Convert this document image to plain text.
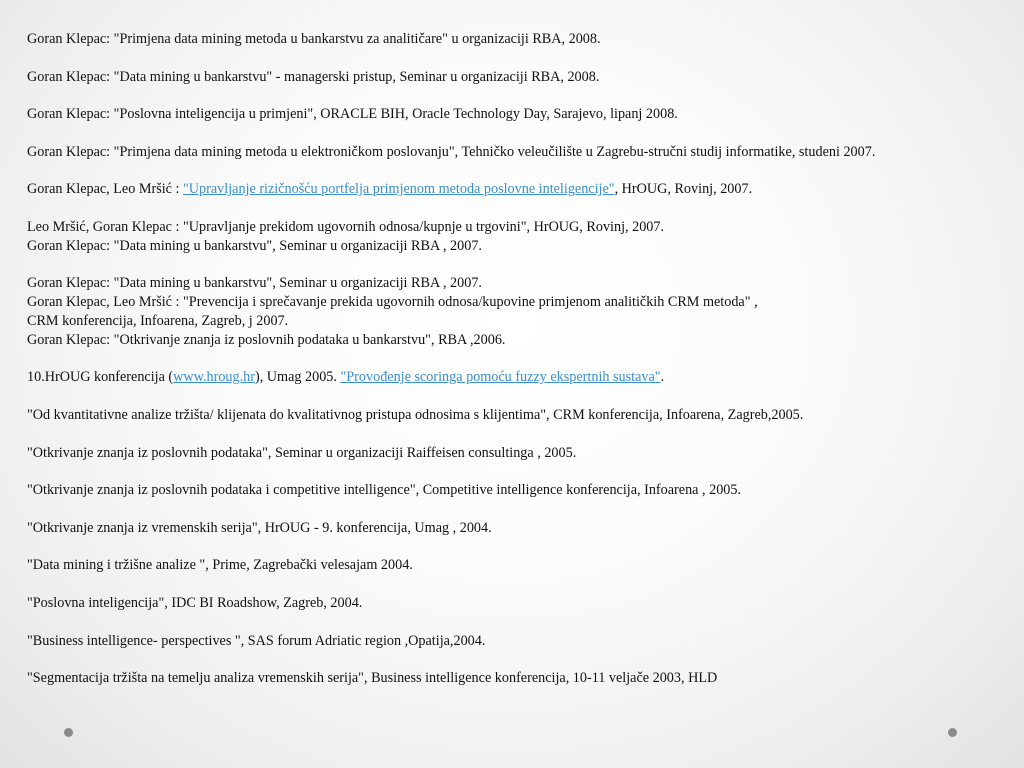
Goran Klepac: "Primjena data mining metoda u bankarstvu za analitičare" u organizaciji RBA, 2008.
Goran Klepac: "Data mining u bankarstvu" - managerski pristup, Seminar u organizaciji RBA, 2008.
Goran Klepac: "Poslovna inteligencija u primjeni", ORACLE BIH, Oracle Technology Day, Sarajevo, lipanj 2008.
Goran Klepac: "Primjena data mining metoda u elektroničkom poslovanju", Tehničko veleučilište u Zagrebu-stručni studij informatike, studeni 2007.
Goran Klepac, Leo Mršić : "Upravljanje rizičnošću portfelja primjenom metoda poslovne inteligencije", HrOUG, Rovinj, 2007.
Leo Mršić, Goran Klepac : "Upravljanje prekidom ugovornih odnosa/kupnje u trgovini", HrOUG, Rovinj, 2007.
Goran Klepac: "Data mining u bankarstvu", Seminar u organizaciji RBA , 2007.
Goran Klepac: "Data mining u bankarstvu", Seminar u organizaciji RBA , 2007.
Goran Klepac, Leo Mršić : "Prevencija i sprečavanje prekida ugovornih odnosa/kupovine primjenom analitičkih CRM metoda" ,
CRM konferencija, Infoarena, Zagreb, j 2007.
Goran Klepac: "Otkrivanje znanja iz poslovnih podataka u bankarstvu", RBA ,2006.
10.HrOUG konferencija (www.hroug.hr), Umag 2005. "Provođenje scoringa pomoću fuzzy ekspertnih sustava".
"Od kvantitativne analize tržišta/ klijenata do kvalitativnog pristupa odnosima s klijentima", CRM konferencija, Infoarena, Zagreb,2005.
"Otkrivanje znanja iz poslovnih podataka", Seminar u organizaciji Raiffeisen consultinga , 2005.
"Otkrivanje znanja iz poslovnih podataka i competitive intelligence", Competitive intelligence konferencija, Infoarena , 2005.
"Otkrivanje znanja iz vremenskih serija", HrOUG - 9. konferencija, Umag , 2004.
"Data mining i tržišne analize ", Prime, Zagrebački velesajam 2004.
"Poslovna inteligencija", IDC BI Roadshow, Zagreb, 2004.
"Business intelligence- perspectives ", SAS forum Adriatic region ,Opatija,2004.
"Segmentacija tržišta na temelju analiza vremenskih serija", Business intelligence konferencija, 10-11 veljače 2003, HLD
